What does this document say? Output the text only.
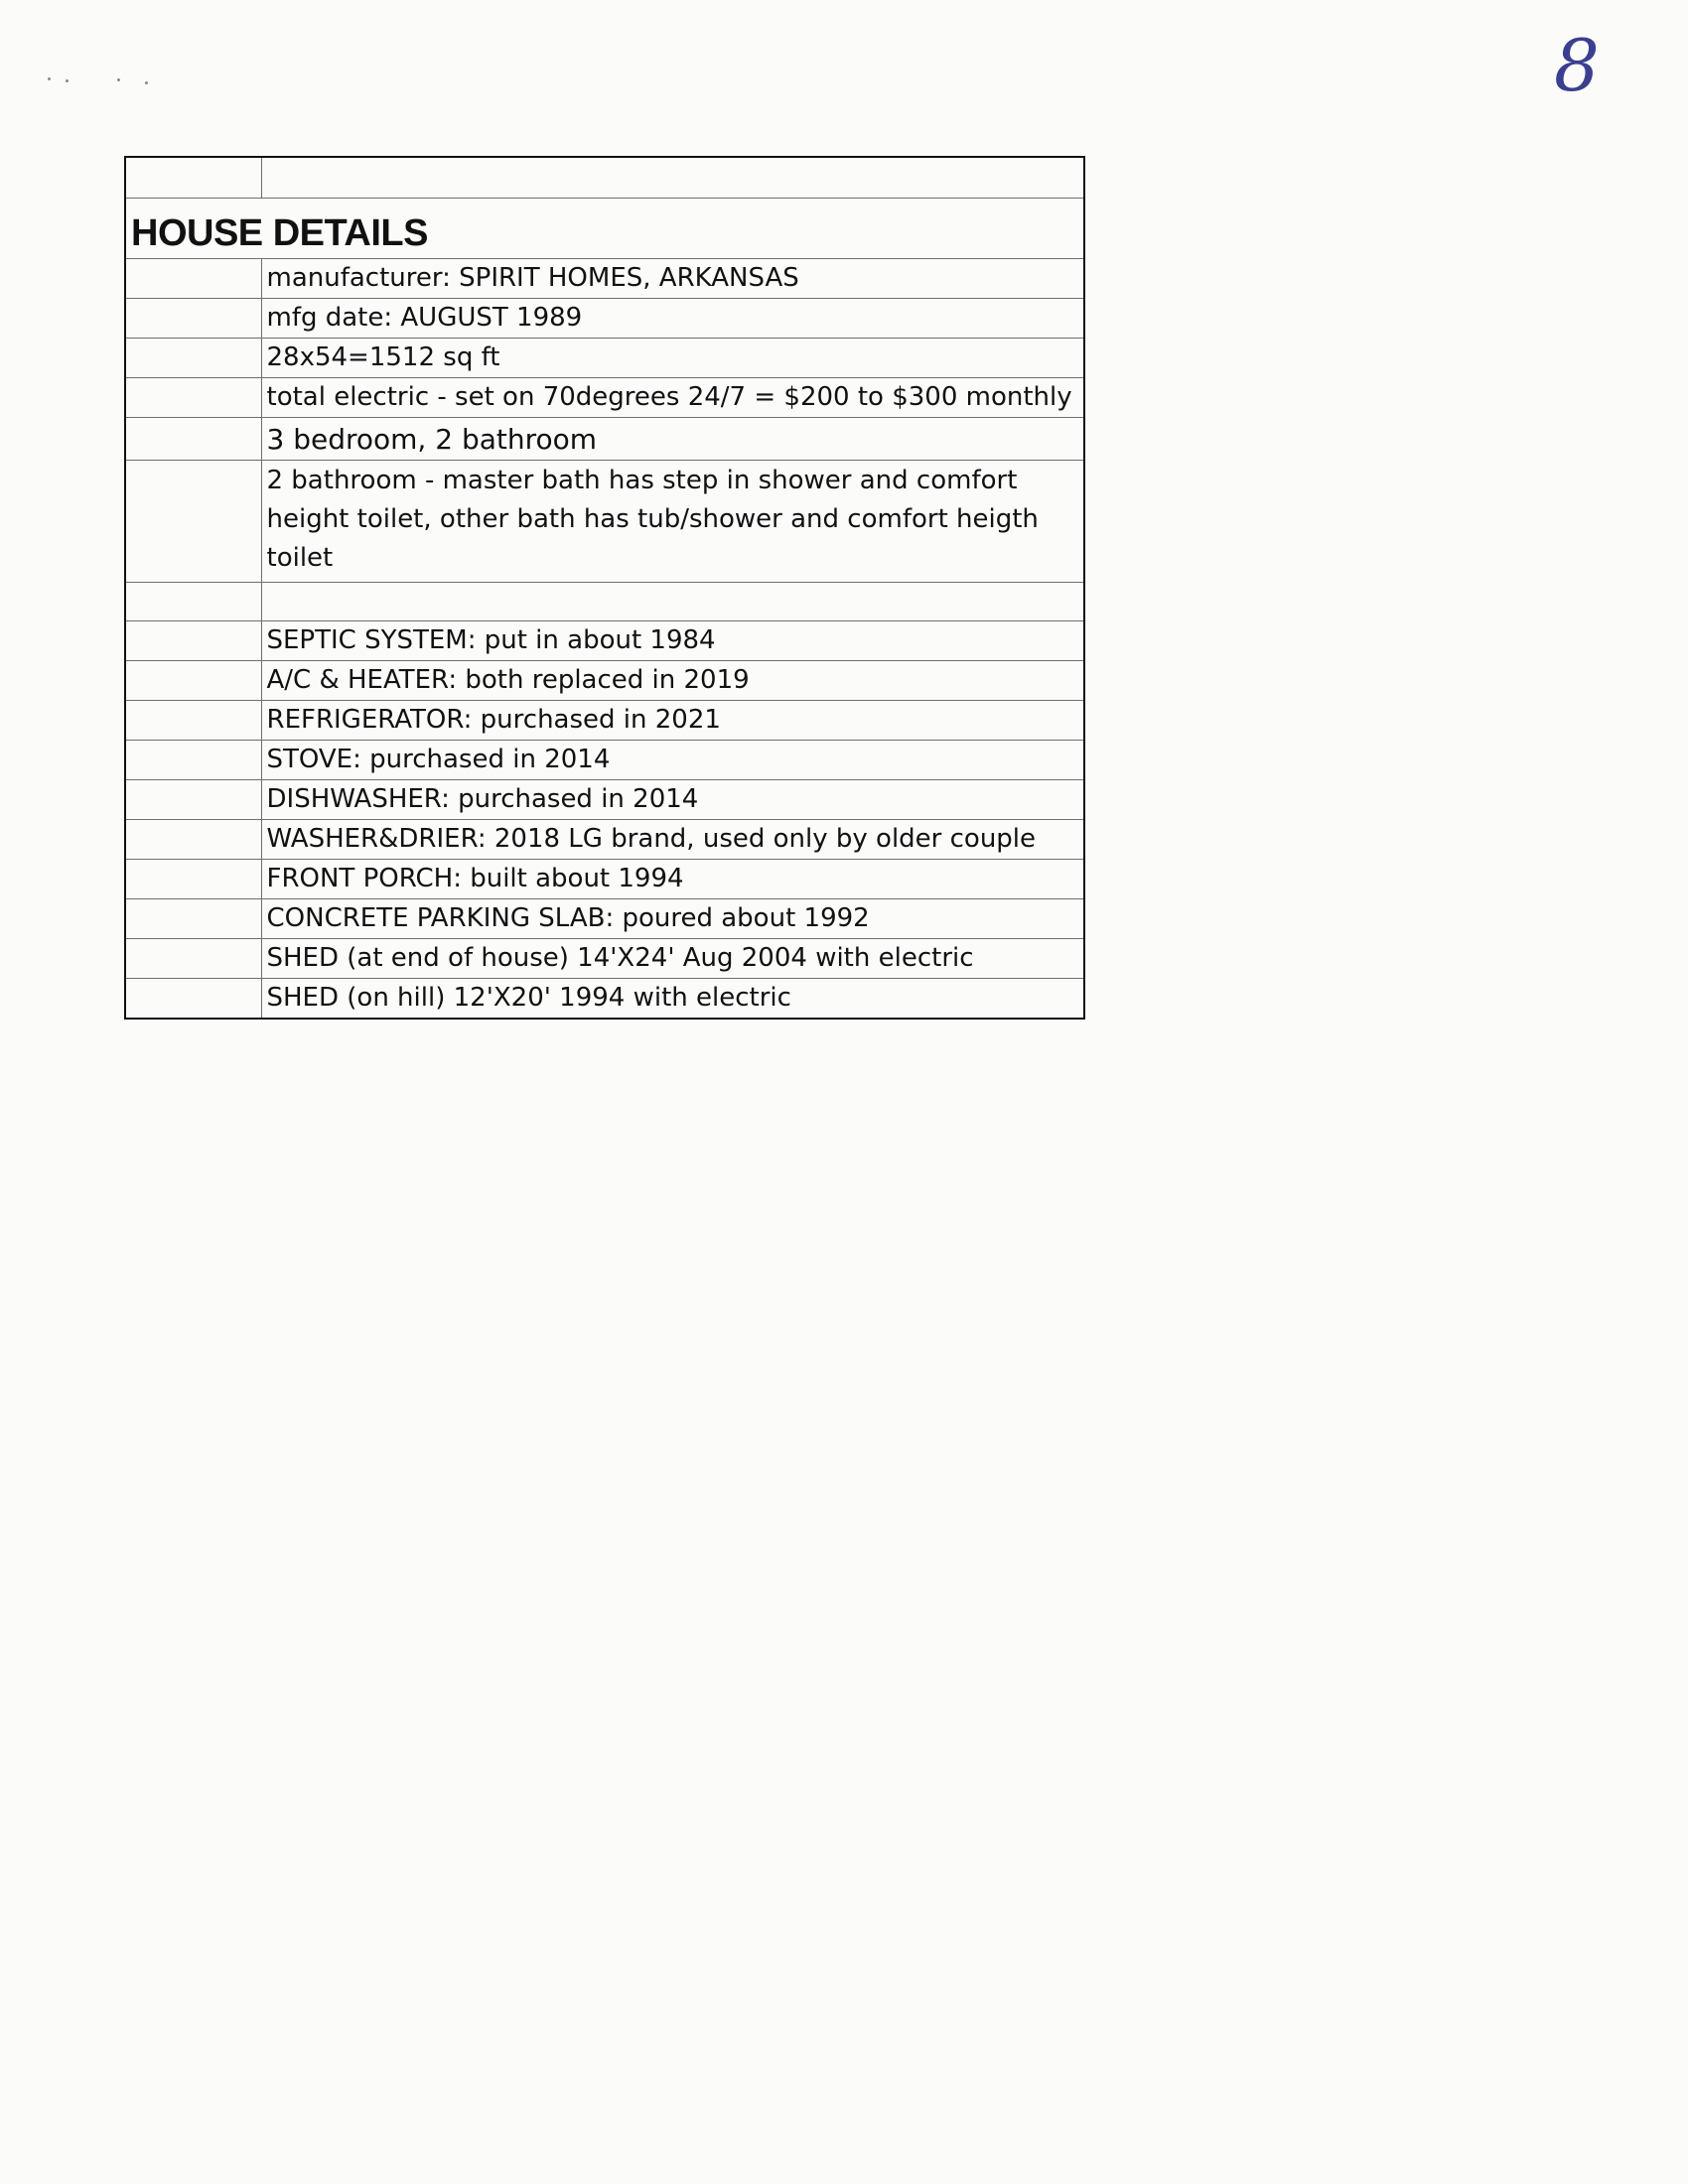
8

HOUSE DETAILS	
	manufacturer: SPIRIT HOMES, ARKANSAS
	mfg date: AUGUST 1989
	28x54=1512 sq ft
	total electric - set on 70degrees 24/7 = $200 to $300 monthly
	3 bedroom, 2 bathroom
	2 bathroom - master bath has step in shower and comfort height toilet, other bath has tub/shower and comfort heigth toilet

	SEPTIC SYSTEM: put in about 1984
	A/C & HEATER: both replaced in 2019
	REFRIGERATOR: purchased in 2021
	STOVE: purchased in 2014
	DISHWASHER: purchased in 2014
	WASHER&DRIER: 2018 LG brand, used only by older couple
	FRONT PORCH: built about 1994
	CONCRETE PARKING SLAB: poured about 1992
	SHED (at end of house) 14'X24' Aug 2004 with electric
	SHED (on hill) 12'X20' 1994 with electric
